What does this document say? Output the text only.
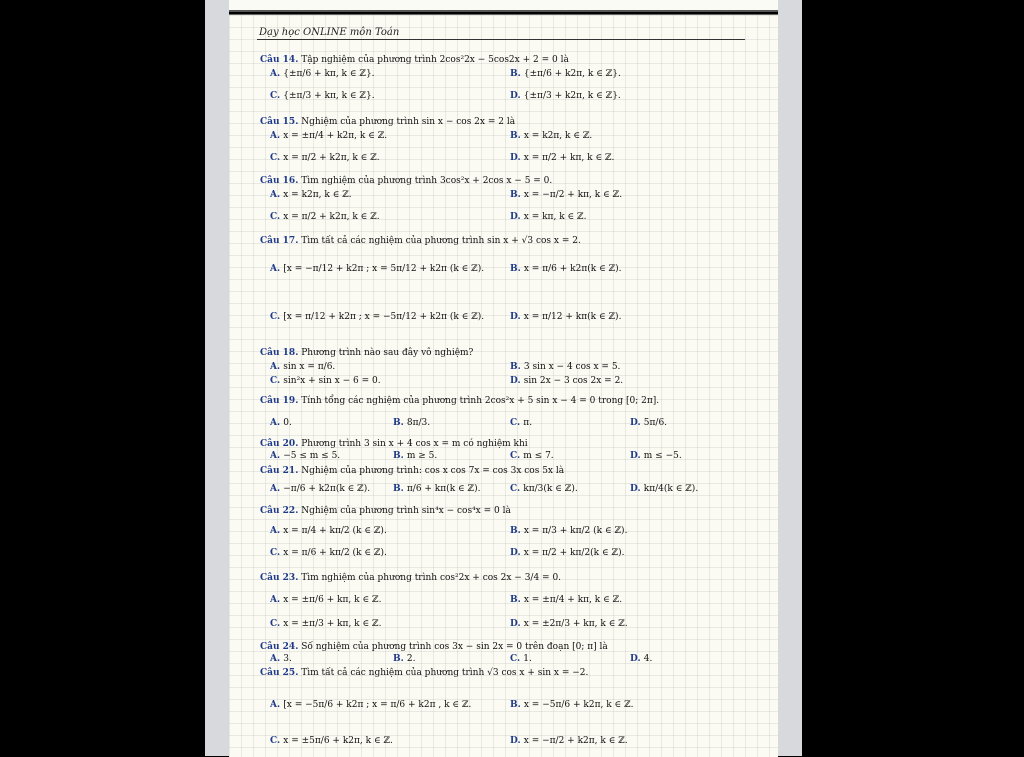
Dạy học ONLINE môn Toán
Câu 14. Tập nghiệm của phương trình 2cos²2x − 5cos2x + 2 = 0 là
A. {±π/6 + kπ, k ∈ ℤ}.	B. {±π/6 + k2π, k ∈ ℤ}.
C. {±π/3 + kπ, k ∈ ℤ}.	D. {±π/3 + k2π, k ∈ ℤ}.
Câu 15. Nghiệm của phương trình sin x − cos 2x = 2 là
A. x = ±π/4 + k2π, k ∈ ℤ.	B. x = k2π, k ∈ ℤ.
C. x = π/2 + k2π, k ∈ ℤ.	D. x = π/2 + kπ, k ∈ ℤ.
Câu 16. Tìm nghiệm của phương trình 3cos²x + 2cos x − 5 = 0.
A. x = k2π, k ∈ ℤ.	B. x = −π/2 + kπ, k ∈ ℤ.
C. x = π/2 + k2π, k ∈ ℤ.	D. x = kπ, k ∈ ℤ.
Câu 17. Tìm tất cả các nghiệm của phương trình sin x + √3 cos x = 2.
A. [x = −π/12 + k2π ; x = 5π/12 + k2π (k ∈ ℤ).	B. x = π/6 + k2π(k ∈ ℤ).
C. [x = π/12 + k2π ; x = −5π/12 + k2π (k ∈ ℤ).	D. x = π/12 + kπ(k ∈ ℤ).
Câu 18. Phương trình nào sau đây vô nghiệm?
A. sin x = π/6.	B. 3 sin x − 4 cos x = 5.
C. sin²x + sin x − 6 = 0.	D. sin 2x − 3 cos 2x = 2.
Câu 19. Tính tổng các nghiệm của phương trình 2cos²x + 5 sin x − 4 = 0 trong [0; 2π].
A. 0.	B. 8π/3.	C. π.	D. 5π/6.
Câu 20. Phương trình 3 sin x + 4 cos x = m có nghiệm khi
A. −5 ≤ m ≤ 5.	B. m ≥ 5.	C. m ≤ 7.	D. m ≤ −5.
Câu 21. Nghiệm của phương trình: cos x cos 7x = cos 3x cos 5x là
A. −π/6 + k2π(k ∈ ℤ).	B. π/6 + kπ(k ∈ ℤ).	C. kπ/3(k ∈ ℤ).	D. kπ/4(k ∈ ℤ).
Câu 22. Nghiệm của phương trình sin⁴x − cos⁴x = 0 là
A. x = π/4 + kπ/2 (k ∈ ℤ).	B. x = π/3 + kπ/2 (k ∈ ℤ).
C. x = π/6 + kπ/2 (k ∈ ℤ).	D. x = π/2 + kπ/2(k ∈ ℤ).
Câu 23. Tìm nghiệm của phương trình cos²2x + cos 2x − 3/4 = 0.
A. x = ±π/6 + kπ, k ∈ ℤ.	B. x = ±π/4 + kπ, k ∈ ℤ.
C. x = ±π/3 + kπ, k ∈ ℤ.	D. x = ±2π/3 + kπ, k ∈ ℤ.
Câu 24. Số nghiệm của phương trình cos 3x − sin 2x = 0 trên đoạn [0; π] là
A. 3.	B. 2.	C. 1.	D. 4.
Câu 25. Tìm tất cả các nghiệm của phương trình √3 cos x + sin x = −2.
A. [x = −5π/6 + k2π ; x = π/6 + k2π , k ∈ ℤ.	B. x = −5π/6 + k2π, k ∈ ℤ.
C. x = ±5π/6 + k2π, k ∈ ℤ.	D. x = −π/2 + k2π, k ∈ ℤ.
